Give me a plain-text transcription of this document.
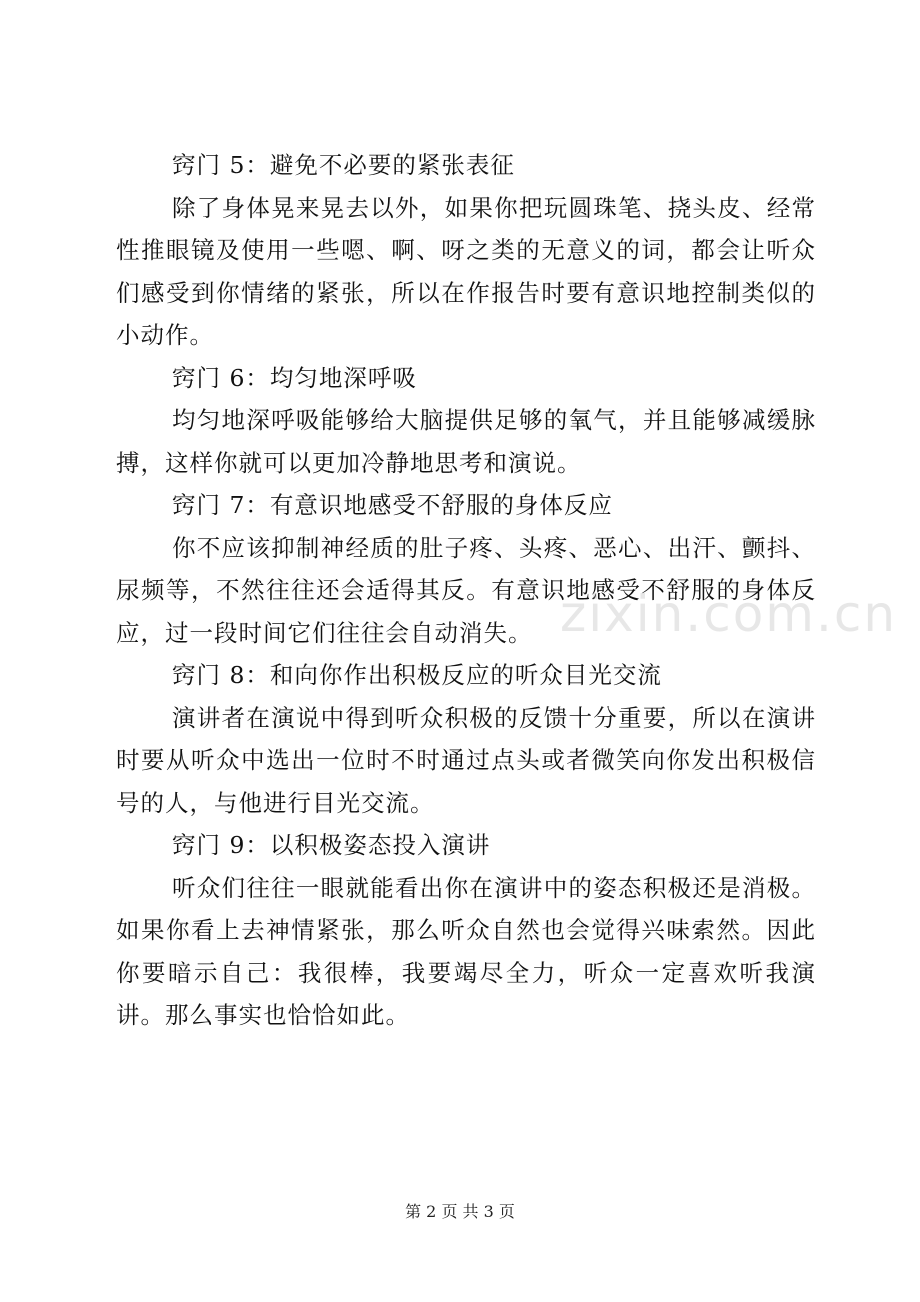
窍门 5：避免不必要的紧张表征

除了身体晃来晃去以外，如果你把玩圆珠笔、挠头皮、经常性推眼镜及使用一些嗯、啊、呀之类的无意义的词，都会让听众们感受到你情绪的紧张，所以在作报告时要有意识地控制类似的小动作。

窍门 6：均匀地深呼吸

均匀地深呼吸能够给大脑提供足够的氧气，并且能够减缓脉搏，这样你就可以更加冷静地思考和演说。

窍门 7：有意识地感受不舒服的身体反应

你不应该抑制神经质的肚子疼、头疼、恶心、出汗、颤抖、尿频等，不然往往还会适得其反。有意识地感受不舒服的身体反应，过一段时间它们往往会自动消失。

窍门 8：和向你作出积极反应的听众目光交流

演讲者在演说中得到听众积极的反馈十分重要，所以在演讲时要从听众中选出一位时不时通过点头或者微笑向你发出积极信号的人，与他进行目光交流。

窍门 9：以积极姿态投入演讲

听众们往往一眼就能看出你在演讲中的姿态积极还是消极。如果你看上去神情紧张，那么听众自然也会觉得兴味索然。因此你要暗示自己：我很棒，我要竭尽全力，听众一定喜欢听我演讲。那么事实也恰恰如此。

zixin.com.cn
第 2 页 共 3 页
